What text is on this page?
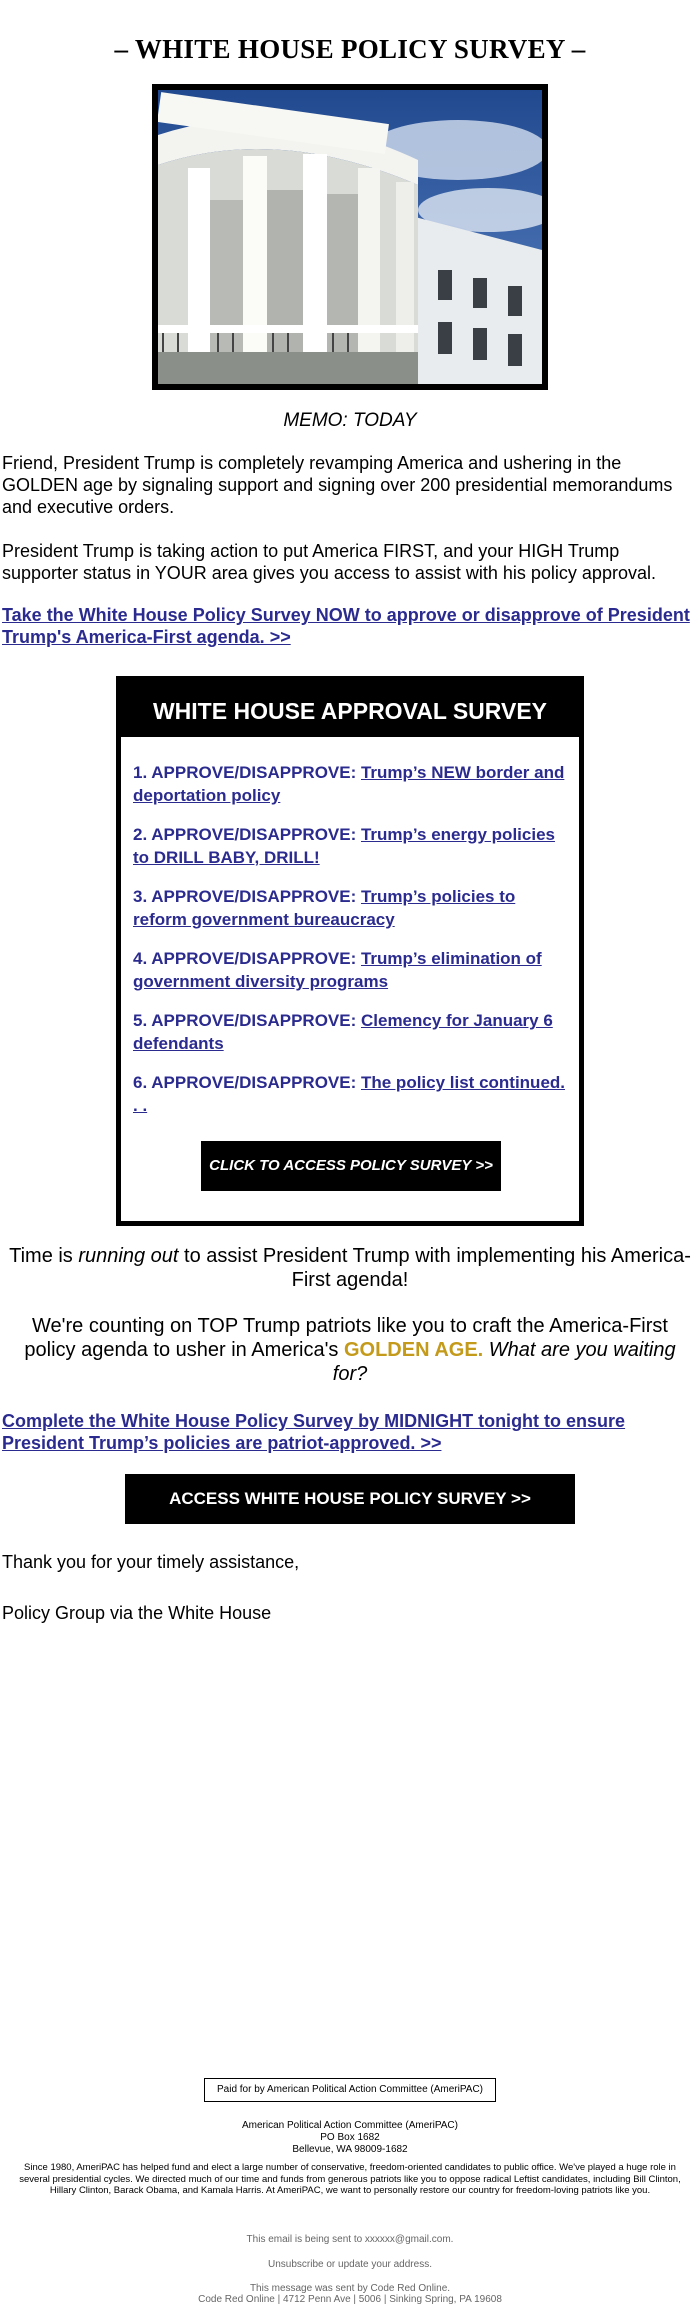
– WHITE HOUSE POLICY SURVEY –
MEMO: TODAY

Friend, President Trump is completely revamping America and ushering in the GOLDEN age by signaling support and signing over 200 presidential memorandums and executive orders.

President Trump is taking action to put America FIRST, and your HIGH Trump supporter status in YOUR area gives you access to assist with his policy approval.

Take the White House Policy Survey NOW to approve or disapprove of President Trump's America-First agenda. >>
WHITE HOUSE APPROVAL SURVEY
1. APPROVE/DISAPPROVE: Trump’s NEW border and deportation policy
2. APPROVE/DISAPPROVE: Trump’s energy policies to DRILL BABY, DRILL!
3. APPROVE/DISAPPROVE: Trump’s policies to reform government bureaucracy
4. APPROVE/DISAPPROVE: Trump’s elimination of government diversity programs
5. APPROVE/DISAPPROVE: Clemency for January 6 defendants
6. APPROVE/DISAPPROVE: The policy list continued. . .
CLICK TO ACCESS POLICY SURVEY >>
Time is running out to assist President Trump with implementing his America-First agenda!
We're counting on TOP Trump patriots like you to craft the America-First policy agenda to usher in America's GOLDEN AGE. What are you waiting for?
Complete the White House Policy Survey by MIDNIGHT tonight to ensure President Trump’s policies are patriot-approved. >>
ACCESS WHITE HOUSE POLICY SURVEY >>
Thank you for your timely assistance,
Policy Group via the White House
Paid for by American Political Action Committee (AmeriPAC)
American Political Action Committee (AmeriPAC)
PO Box 1682
Bellevue, WA 98009-1682
Since 1980, AmeriPAC has helped fund and elect a large number of conservative, freedom-oriented candidates to public office. We've played a huge role in several presidential cycles. We directed much of our time and funds from generous patriots like you to oppose radical Leftist candidates, including Bill Clinton, Hillary Clinton, Barack Obama, and Kamala Harris. At AmeriPAC, we want to personally restore our country for freedom-loving patriots like you.
This email is being sent to xxxxxx@gmail.com.
Unsubscribe or update your address.
This message was sent by Code Red Online.
Code Red Online | 4712 Penn Ave | 5006 | Sinking Spring, PA 19608
